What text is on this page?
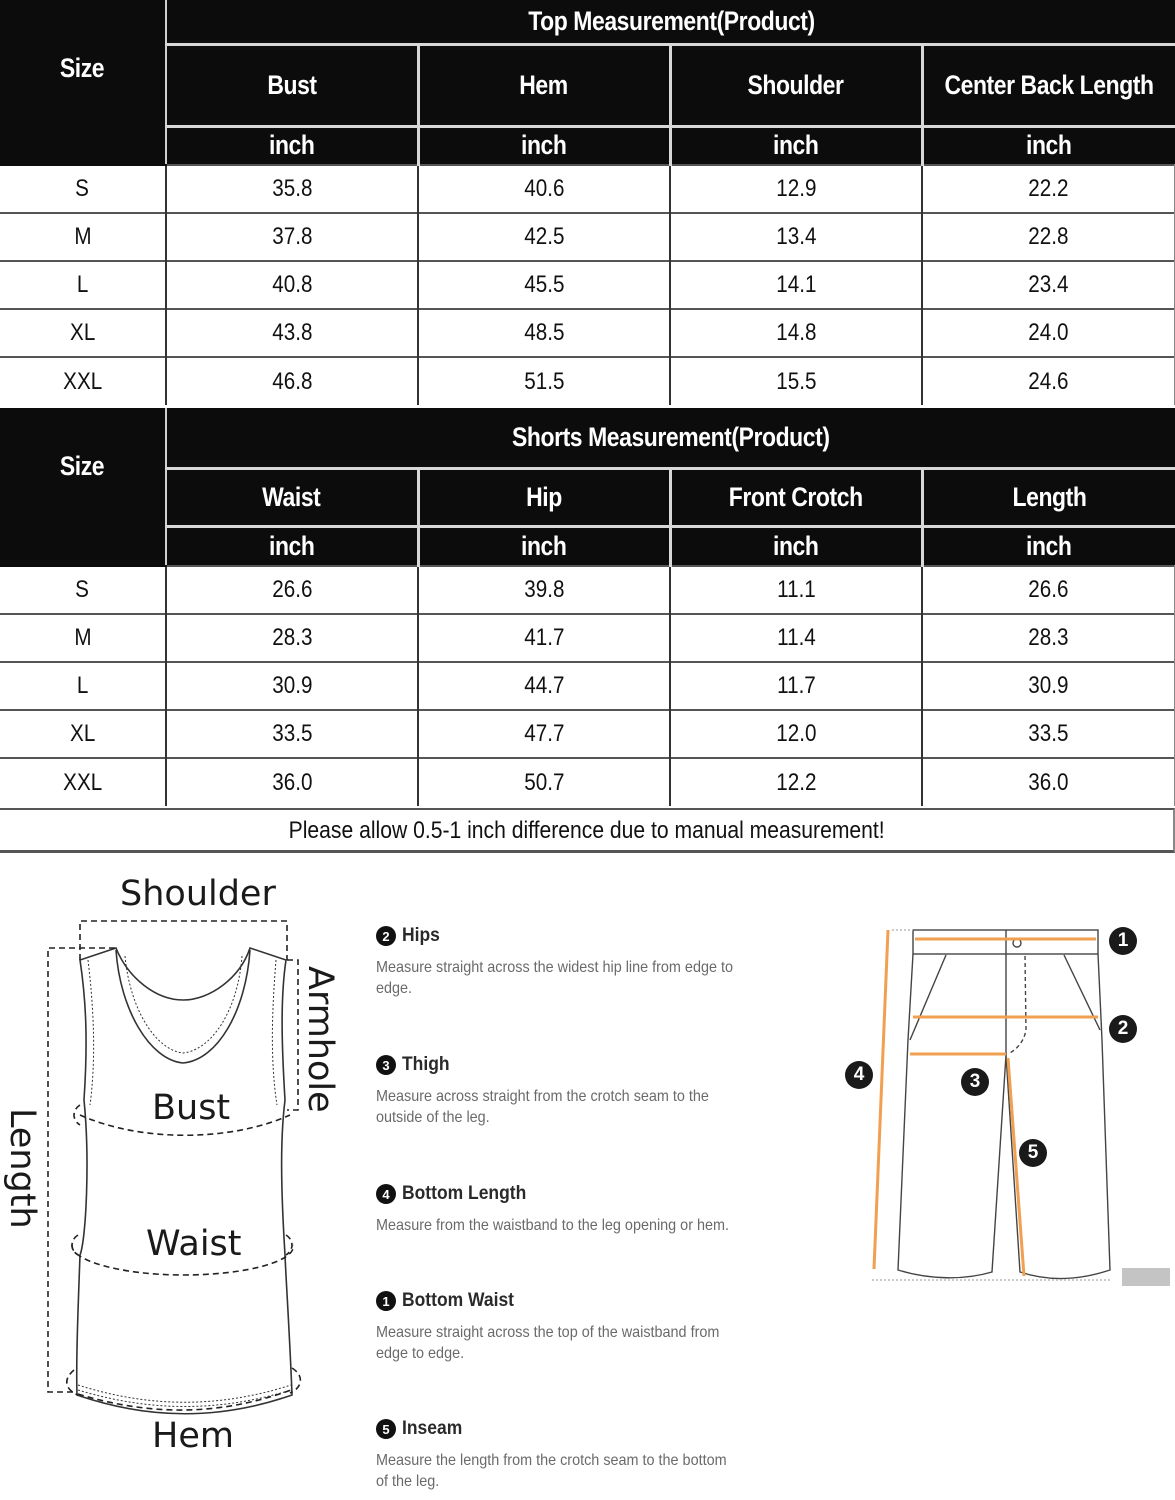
Size	Top Measurement(Product)			
	Bust	Hem	Shoulder	Center Back Length
	inch	inch	inch	inch
S	35.8	40.6	12.9	22.2
M	37.8	42.5	13.4	22.8
L	40.8	45.5	14.1	23.4
XL	43.8	48.5	14.8	24.0
XXL	46.8	51.5	15.5	24.6
Size	Shorts Measurement(Product)			
	Waist	Hip	Front Crotch	Length
	inch	inch	inch	inch
S	26.6	39.8	11.1	26.6
M	28.3	41.7	11.4	28.3
L	30.9	44.7	11.7	30.9
XL	33.5	47.7	12.0	33.5
XXL	36.0	50.7	12.2	36.0
Please allow 0.5-1 inch difference due to manual measurement!
Shoulder
Bust
Waist
Hem
Armhole
Length
2 Hips
Measure straight across the widest hip line from edge to edge.
3 Thigh
Measure across straight from the crotch seam to the outside of the leg.
4 Bottom Length
Measure from the waistband to the leg opening or hem.
1 Bottom Waist
Measure straight across the top of the waistband from edge to edge.
5 Inseam
Measure the length from the crotch seam to the bottom of the leg.
1
2
3
4
5
